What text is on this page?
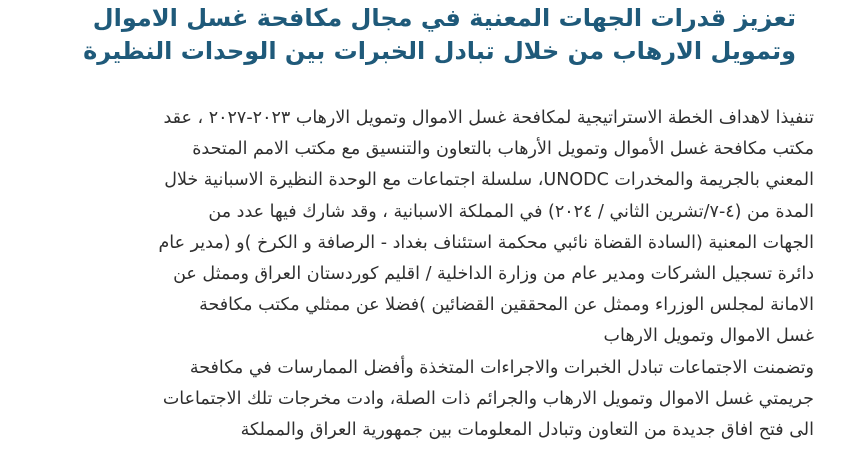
تعزيز قدرات الجهات المعنية في مجال مكافحة غسل الاموال
وتمويل الارهاب من خلال تبادل الخبرات بين الوحدات النظيرة
تنفيذا لاهداف الخطة الاستراتيجية لمكافحة غسل الاموال وتمويل الارهاب ٢٠٢٣-٢٠٢٧ ، عقد
مكتب مكافحة غسل الأموال وتمويل الأرهاب بالتعاون والتنسيق مع مكتب الامم المتحدة
المعني بالجريمة والمخدرات UNODC، سلسلة اجتماعات مع الوحدة النظيرة الاسبانية خلال
المدة من (٤-٧/تشرين الثاني / ٢٠٢٤) في المملكة الاسبانية ، وقد شارك فيها عدد من
الجهات المعنية (السادة القضاة نائبي محكمة استئناف بغداد - الرصافة و الكرخ )و (مدير عام
دائرة تسجيل الشركات ومدير عام من وزارة الداخلية / اقليم كوردستان العراق وممثل عن
الامانة لمجلس الوزراء وممثل عن المحققين القضائين )فضلا عن ممثلي مكتب مكافحة
غسل الاموال وتمويل الارهاب
وتضمنت الاجتماعات تبادل الخبرات والاجراءات المتخذة وأفضل الممارسات في مكافحة
جريمتي غسل الاموال وتمويل الارهاب والجرائم ذات الصلة، وادت مخرجات تلك الاجتماعات
الى فتح افاق جديدة من التعاون وتبادل المعلومات بين جمهورية العراق والمملكة
